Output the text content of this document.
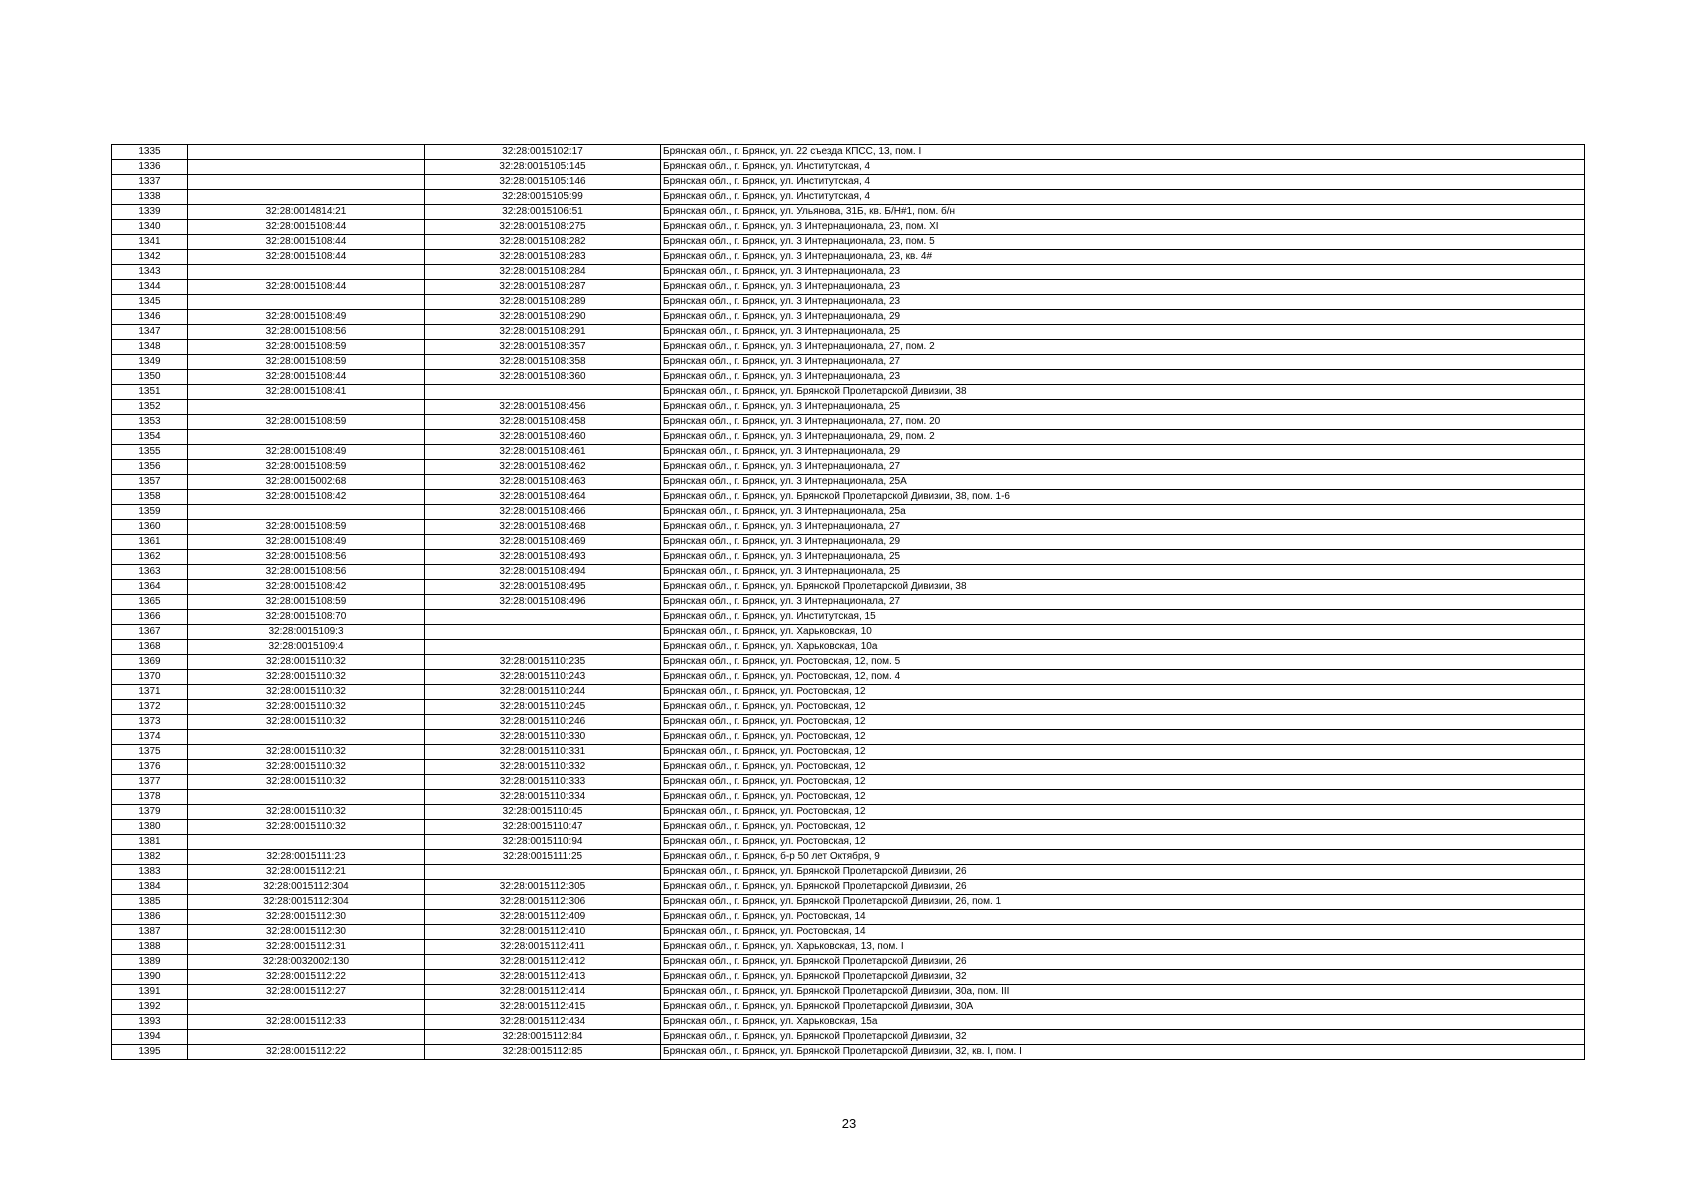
1335		32:28:0015102:17	Брянская обл., г. Брянск, ул. 22 съезда КПСС, 13, пом. I
1336		32:28:0015105:145	Брянская обл., г. Брянск, ул. Институтская, 4
1337		32:28:0015105:146	Брянская обл., г. Брянск, ул. Институтская, 4
1338		32:28:0015105:99	Брянская обл., г. Брянск, ул. Институтская, 4
1339	32:28:0014814:21	32:28:0015106:51	Брянская обл., г. Брянск, ул. Ульянова, 31Б, кв. Б/Н#1, пом. б/н
1340	32:28:0015108:44	32:28:0015108:275	Брянская обл., г. Брянск, ул. 3 Интернационала, 23, пом. XI
1341	32:28:0015108:44	32:28:0015108:282	Брянская обл., г. Брянск, ул. 3 Интернационала, 23, пом. 5
1342	32:28:0015108:44	32:28:0015108:283	Брянская обл., г. Брянск, ул. 3 Интернационала, 23, кв. 4#
1343		32:28:0015108:284	Брянская обл., г. Брянск, ул. 3 Интернационала, 23
1344	32:28:0015108:44	32:28:0015108:287	Брянская обл., г. Брянск, ул. 3 Интернационала, 23
1345		32:28:0015108:289	Брянская обл., г. Брянск, ул. 3 Интернационала, 23
1346	32:28:0015108:49	32:28:0015108:290	Брянская обл., г. Брянск, ул. 3 Интернационала, 29
1347	32:28:0015108:56	32:28:0015108:291	Брянская обл., г. Брянск, ул. 3 Интернационала, 25
1348	32:28:0015108:59	32:28:0015108:357	Брянская обл., г. Брянск, ул. 3 Интернационала, 27, пом. 2
1349	32:28:0015108:59	32:28:0015108:358	Брянская обл., г. Брянск, ул. 3 Интернационала, 27
1350	32:28:0015108:44	32:28:0015108:360	Брянская обл., г. Брянск, ул. 3 Интернационала, 23
1351	32:28:0015108:41		Брянская обл., г. Брянск, ул. Брянской Пролетарской Дивизии, 38
1352		32:28:0015108:456	Брянская обл., г. Брянск, ул. 3 Интернационала, 25
1353	32:28:0015108:59	32:28:0015108:458	Брянская обл., г. Брянск, ул. 3 Интернационала, 27, пом. 20
1354		32:28:0015108:460	Брянская обл., г. Брянск, ул. 3 Интернационала, 29, пом. 2
1355	32:28:0015108:49	32:28:0015108:461	Брянская обл., г. Брянск, ул. 3 Интернационала, 29
1356	32:28:0015108:59	32:28:0015108:462	Брянская обл., г. Брянск, ул. 3 Интернационала, 27
1357	32:28:0015002:68	32:28:0015108:463	Брянская обл., г. Брянск, ул. 3 Интернационала, 25А
1358	32:28:0015108:42	32:28:0015108:464	Брянская обл., г. Брянск, ул. Брянской Пролетарской Дивизии, 38, пом. 1-6
1359		32:28:0015108:466	Брянская обл., г. Брянск, ул. 3 Интернационала, 25а
1360	32:28:0015108:59	32:28:0015108:468	Брянская обл., г. Брянск, ул. 3 Интернационала, 27
1361	32:28:0015108:49	32:28:0015108:469	Брянская обл., г. Брянск, ул. 3 Интернационала, 29
1362	32:28:0015108:56	32:28:0015108:493	Брянская обл., г. Брянск, ул. 3 Интернационала, 25
1363	32:28:0015108:56	32:28:0015108:494	Брянская обл., г. Брянск, ул. 3 Интернационала, 25
1364	32:28:0015108:42	32:28:0015108:495	Брянская обл., г. Брянск, ул. Брянской Пролетарской Дивизии, 38
1365	32:28:0015108:59	32:28:0015108:496	Брянская обл., г. Брянск, ул. 3 Интернационала, 27
1366	32:28:0015108:70		Брянская обл., г. Брянск, ул. Институтская, 15
1367	32:28:0015109:3		Брянская обл., г. Брянск, ул. Харьковская, 10
1368	32:28:0015109:4		Брянская обл., г. Брянск, ул. Харьковская, 10а
1369	32:28:0015110:32	32:28:0015110:235	Брянская обл., г. Брянск, ул. Ростовская, 12, пом. 5
1370	32:28:0015110:32	32:28:0015110:243	Брянская обл., г. Брянск, ул. Ростовская, 12, пом. 4
1371	32:28:0015110:32	32:28:0015110:244	Брянская обл., г. Брянск, ул. Ростовская, 12
1372	32:28:0015110:32	32:28:0015110:245	Брянская обл., г. Брянск, ул. Ростовская, 12
1373	32:28:0015110:32	32:28:0015110:246	Брянская обл., г. Брянск, ул. Ростовская, 12
1374		32:28:0015110:330	Брянская обл., г. Брянск, ул. Ростовская, 12
1375	32:28:0015110:32	32:28:0015110:331	Брянская обл., г. Брянск, ул. Ростовская, 12
1376	32:28:0015110:32	32:28:0015110:332	Брянская обл., г. Брянск, ул. Ростовская, 12
1377	32:28:0015110:32	32:28:0015110:333	Брянская обл., г. Брянск, ул. Ростовская, 12
1378		32:28:0015110:334	Брянская обл., г. Брянск, ул. Ростовская, 12
1379	32:28:0015110:32	32:28:0015110:45	Брянская обл., г. Брянск, ул. Ростовская, 12
1380	32:28:0015110:32	32:28:0015110:47	Брянская обл., г. Брянск, ул. Ростовская, 12
1381		32:28:0015110:94	Брянская обл., г. Брянск, ул. Ростовская, 12
1382	32:28:0015111:23	32:28:0015111:25	Брянская обл., г. Брянск, б-р 50 лет Октября, 9
1383	32:28:0015112:21		Брянская обл., г. Брянск, ул. Брянской Пролетарской Дивизии, 26
1384	32:28:0015112:304	32:28:0015112:305	Брянская обл., г. Брянск, ул. Брянской Пролетарской Дивизии, 26
1385	32:28:0015112:304	32:28:0015112:306	Брянская обл., г. Брянск, ул. Брянской Пролетарской Дивизии, 26, пом. 1
1386	32:28:0015112:30	32:28:0015112:409	Брянская обл., г. Брянск, ул. Ростовская, 14
1387	32:28:0015112:30	32:28:0015112:410	Брянская обл., г. Брянск, ул. Ростовская, 14
1388	32:28:0015112:31	32:28:0015112:411	Брянская обл., г. Брянск, ул. Харьковская, 13, пом. I
1389	32:28:0032002:130	32:28:0015112:412	Брянская обл., г. Брянск, ул. Брянской Пролетарской Дивизии, 26
1390	32:28:0015112:22	32:28:0015112:413	Брянская обл., г. Брянск, ул. Брянской Пролетарской Дивизии, 32
1391	32:28:0015112:27	32:28:0015112:414	Брянская обл., г. Брянск, ул. Брянской Пролетарской Дивизии, 30а, пом. III
1392		32:28:0015112:415	Брянская обл., г. Брянск, ул. Брянской Пролетарской Дивизии, 30А
1393	32:28:0015112:33	32:28:0015112:434	Брянская обл., г. Брянск, ул. Харьковская, 15а
1394		32:28:0015112:84	Брянская обл., г. Брянск, ул. Брянской Пролетарской Дивизии, 32
1395	32:28:0015112:22	32:28:0015112:85	Брянская обл., г. Брянск, ул. Брянской Пролетарской Дивизии, 32, кв. I, пом. I
23
